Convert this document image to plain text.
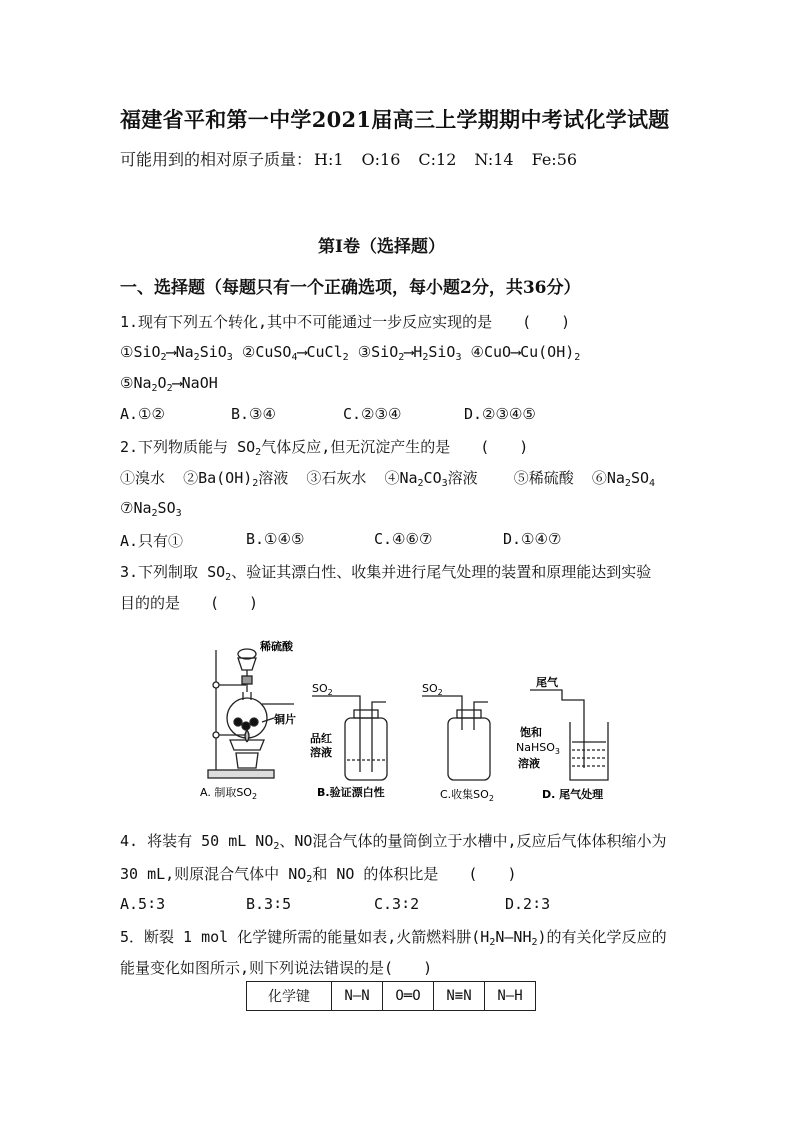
福建省平和第一中学2021届高三上学期期中考试化学试题
可能用到的相对原子质量： H:1 O:16 C:12 N:14 Fe:56
第Ⅰ卷（选择题）
一、选择题（每题只有一个正确选项，每小题2分，共36分）
1.现有下列五个转化,其中不可能通过一步反应实现的是　　(　　)
$①SiO_2⟶Na_2SiO_3$ ②CuSO$_4$⟶CuCl$_2$ $③SiO_2⟶H_2SiO_3$ $④CuO⟶Cu(OH)_2$
$⑤Na_2O_2⟶NaOH$
A.①②	B.③④	C.②③④	D.②③④⑤
2.下列物质能与 $SO_2$气体反应,但无沉淀产生的是　　(　　)
①溴水 $②Ba(OH)_2$溶液 ③石灰水 $④Na_2CO_3$溶液 ⑤稀硫酸 $⑥Na_2SO_4$
$⑦Na_2SO_3$
A.只有①	B.①④⑤	C.④⑥⑦	D.①④⑦
3.下列制取 $SO_2$、验证其漂白性、收集并进行尾气处理的装置和原理能达到实验
目的的是　　(　　)
稀硫酸
铜片
$SO_2$
品红
溶液
$SO_2$
尾气
饱和
NaHSO$_3$
溶液
A. 制取$SO_2$	B.验证漂白性	C.收集$SO_2$	D. 尾气处理
4. 将装有 50 mL $NO_2$、NO混合气体的量筒倒立于水槽中,反应后气体体积缩小为
30 mL,则原混合气体中 $NO_2$和 NO 的体积比是　　(　　)
A.5∶3	B.3∶5	C.3∶2	D.2∶3
5．断裂 1 mol 化学键所需的能量如表,火箭燃料肼$(H_2N—NH_2)$的有关化学反应的
能量变化如图所示,则下列说法错误的是(　　)
化学键	N—N	O═O	N≡N	N—H
